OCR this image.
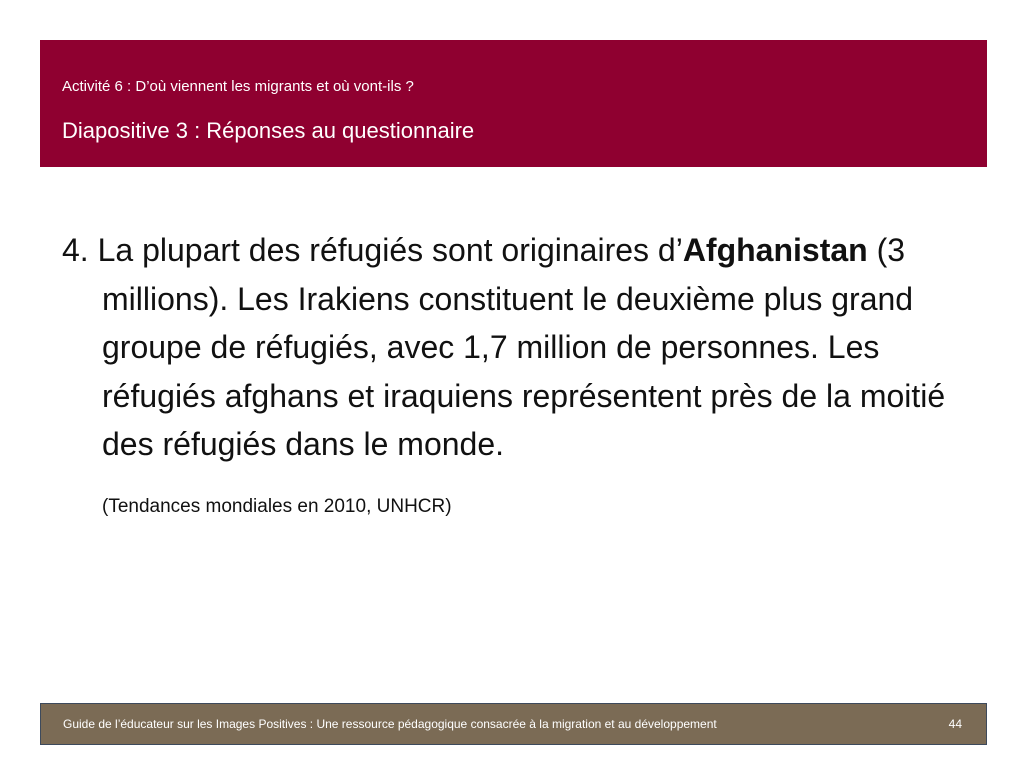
Activité 6 : D’où viennent les migrants et où vont-ils ?
Diapositive 3 : Réponses au questionnaire

4. La plupart des réfugiés sont originaires d’Afghanistan (3 millions). Les Irakiens constituent le deuxième plus grand groupe de réfugiés, avec 1,7 million de personnes. Les réfugiés afghans et iraquiens représentent près de la moitié des réfugiés dans le monde.

(Tendances mondiales en 2010, UNHCR)
Guide de l’éducateur sur les Images Positives : Une ressource pédagogique consacrée à la migration et au développement	44
